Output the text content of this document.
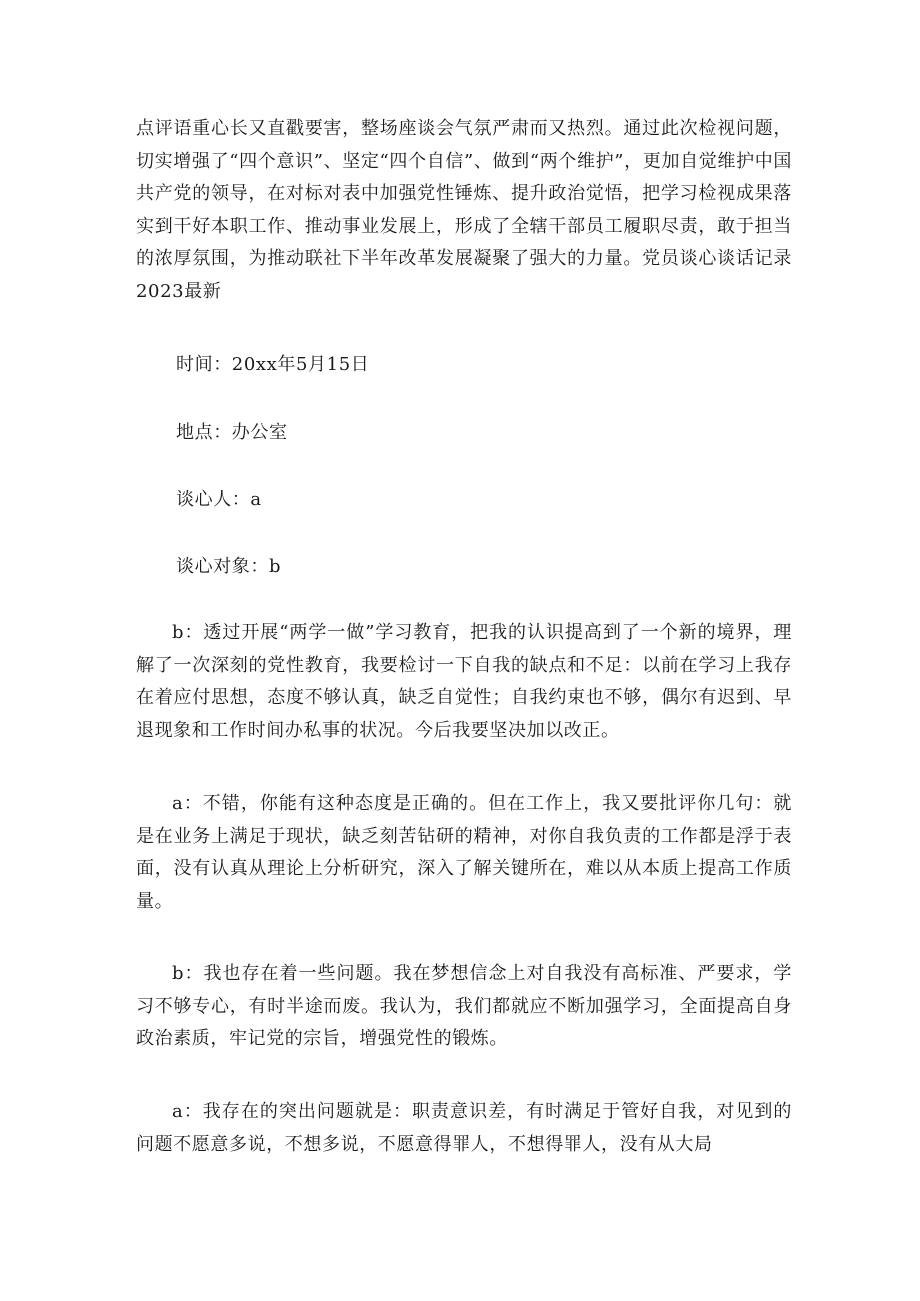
点评语重心长又直戳要害，整场座谈会气氛严肃而又热烈。通过此次检视问题，切实增强了“四个意识”、坚定“四个自信”、做到“两个维护”，更加自觉维护中国共产党的领导，在对标对表中加强党性锤炼、提升政治觉悟，把学习检视成果落实到干好本职工作、推动事业发展上，形成了全辖干部员工履职尽责，敢于担当的浓厚氛围，为推动联社下半年改革发展凝聚了强大的力量。党员谈心谈话记录2023最新

时间：20xx年5月15日

地点：办公室

谈心人：a

谈心对象：b

b：透过开展“两学一做”学习教育，把我的认识提高到了一个新的境界，理解了一次深刻的党性教育，我要检讨一下自我的缺点和不足：以前在学习上我存在着应付思想，态度不够认真，缺乏自觉性；自我约束也不够，偶尔有迟到、早退现象和工作时间办私事的状况。今后我要坚决加以改正。

a：不错，你能有这种态度是正确的。但在工作上，我又要批评你几句：就是在业务上满足于现状，缺乏刻苦钻研的精神，对你自我负责的工作都是浮于表面，没有认真从理论上分析研究，深入了解关键所在，难以从本质上提高工作质量。

b：我也存在着一些问题。我在梦想信念上对自我没有高标准、严要求，学习不够专心，有时半途而废。我认为，我们都就应不断加强学习，全面提高自身政治素质，牢记党的宗旨，增强党性的锻炼。

a：我存在的突出问题就是：职责意识差，有时满足于管好自我，对见到的问题不愿意多说，不想多说，不愿意得罪人，不想得罪人，没有从大局
